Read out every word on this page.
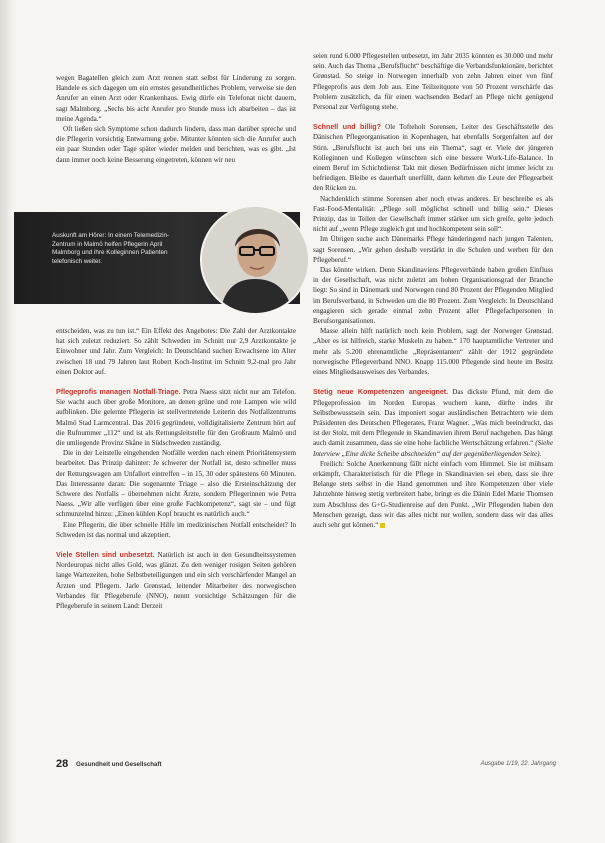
wegen Bagatellen gleich zum Arzt rennen statt selbst für Linderung zu sorgen. Handele es sich dagegen um ein ernstes gesundheitliches Problem, verweise sie den Anrufer an einen Arzt oder Krankenhaus. Ewig dürfe ein Telefonat nicht dauern, sagt Malmborg. „Sechs bis acht Anrufer pro Stunde muss ich abarbeiten – das ist meine Agenda.“

Oft ließen sich Symptome schon dadurch lindern, dass man darüber spreche und die Pflegerin vorsichtig Entwarnung gebe. Mitunter könnten sich die Anrufer auch ein paar Stunden oder Tage später wieder melden und berichten, was es gibt. „Ist dann immer noch keine Besserung eingetreten, können wir neu

Auskunft am Hörer: In einem Telemedizin-Zentrum in Malmö helfen Pflegerin April Malmborg und ihre Kolleginnen Patienten telefonisch weiter.

entscheiden, was zu tun ist.“ Ein Effekt des Angebotes: Die Zahl der Arztkontakte hat sich zuletzt reduziert. So zählt Schweden im Schnitt nur 2,9 Arztkontakte je Einwohner und Jahr. Zum Vergleich: In Deutschland suchen Erwachsene im Alter zwischen 18 und 79 Jahren laut Robert Koch-Institut im Schnitt 9,2-mal pro Jahr einen Doktor auf.

Pflegeprofis managen Notfall-Triage. Petra Naess sitzt nicht nur am Telefon. Sie wacht auch über große Monitore, an denen grüne und rote Lampen wie wild aufblinken. Die gelernte Pflegerin ist stellvertretende Leiterin des Notfallzentrums Malmö Stad Larmcentral. Das 2016 gegründete, volldigitalisierte Zentrum hört auf die Rufnummer „112“ und ist als Rettungsleitstelle für den Großraum Malmö und die umliegende Provinz Skåne in Südschweden zuständig.

Die in der Leitstelle eingehenden Notfälle werden nach einem Prioritätensystem bearbeitet. Das Prinzip dahinter: Je schwerer der Notfall ist, desto schneller muss der Rettungswagen am Unfallort eintreffen – in 15, 30 oder spätestens 60 Minuten. Das Interessante daran: Die sogenannte Triage – also die Ersteinschätzung der Schwere des Notfalls – übernehmen nicht Ärzte, sondern Pflegerinnen wie Petra Naess. „Wir alle verfügen über eine große Fachkompetenz“, sagt sie – und fügt schmunzelnd hinzu: „Einen kühlen Kopf braucht es natürlich auch.“

Eine Pflegerin, die über schnelle Hilfe im medizinischen Notfall entscheidet? In Schweden ist das normal und akzeptiert.

Viele Stellen sind unbesetzt. Natürlich ist auch in den Gesundheitssystemen Nordeuropas nicht alles Gold, was glänzt. Zu den weniger rosigen Seiten gehören lange Wartezeiten, hohe Selbstbeteiligungen und ein sich verschärfender Mangel an Ärzten und Pflegern. Jarle Grønstad, leitender Mitarbeiter des norwegischen Verbandes für Pflegeberufe (NNO), nennt vorsichtige Schätzungen für die Pflegeberufe in seinem Land: Derzeit

seien rund 6.000 Pflegestellen unbesetzt, im Jahr 2035 könnten es 30.000 und mehr sein. Auch das Thema „Berufsflucht“ beschäftige die Verbandsfunktionäre, berichtet Grønstad. So steige in Norwegen innerhalb von zehn Jahren einer von fünf Pflegeprofis aus dem Job aus. Eine Teilzeitquote von 50 Prozent verschärfe das Problem zusätzlich, da für einen wachsenden Bedarf an Pflege nicht genügend Personal zur Verfügung stehe.

Schnell und billig? Ole Tofteholt Sorensen, Leiter des Geschäftsstelle des Dänischen Pflegeorganisation in Kopenhagen, hat ebenfalls Sorgenfalten auf der Stirn. „Berufsflucht ist auch bei uns ein Thema“, sagt er. Viele der jüngeren Kolleginnen und Kollegen wünschten sich eine bessere Work-Life-Balance. In einem Beruf im Schichtdienst Takt mit diesen Bedürfnissen nicht immer leicht zu befriedigen. Bleibe es dauerhaft unerfüllt, dann kehrten die Leute der Pflegearbeit den Rücken zu.

Nachdenklich stimme Sorensen aber noch etwas anderes. Er beschreibe es als Fast-Food-Mentalität: „Pflege soll möglichst schnell und billig sein.“ Dieses Prinzip, das in Teilen der Gesellschaft immer stärker um sich greife, gelte jedoch nicht auf „wenn Pflege zugleich gut und hochkompetent sein soll“.

Im Übrigen suche auch Dänemarks Pflege händeringend nach jungen Talenten, sagt Sorensen. „Wir gehen deshalb verstärkt in die Schulen und werben für den Pflegeberuf.“

Das könnte wirken. Denn Skandinaviens Pflegeverbände haben großen Einfluss in der Gesellschaft, was nicht zuletzt am hohen Organisationsgrad der Branche liegt: So sind in Dänemark und Norwegen rund 80 Prozent der Pflegenden Mitglied im Berufsverband, in Schweden um die 80 Prozent. Zum Vergleich: In Deutschland engagieren sich gerade einmal zehn Prozent aller Pflegefachpersonen in Berufsorganisationen.

Masse allein hilft natürlich noch kein Problem, sagt der Norweger Grønstad. „Aber es ist hilfreich, starke Muskeln zu haben.“ 170 hauptamtliche Vertreter und mehr als 5.200 ehrenamtliche „Repräsentanten“ zählt der 1912 gegründete norwegische Pflegeverband NNO. Knapp 115.000 Pflegende sind heute im Besitz eines Mitgliedsausweises des Verbandes.

Stetig neue Kompetenzen angeeignet. Das dickste Pfund, mit dem die Pflegeprofession im Norden Europas wuchern kann, dürfte indes ihr Selbstbewusstsein sein. Das imponiert sogar ausländischen Betrachtern wie dem Präsidenten des Deutschen Pflegerates, Franz Wagner. „Was mich beeindruckt, das ist der Stolz, mit dem Pflegende in Skandinavien ihrem Beruf nachgehen. Das hängt auch damit zusammen, dass sie eine hohe fachliche Wertschätzung erfahren.“ (Siehe Interview „Eine dicke Scheibe abschneiden“ auf der gegenüberliegenden Seite).

Freilich: Solche Anerkennung fällt nicht einfach vom Himmel. Sie ist mühsam erkämpft, Charakteristisch für die Pflege in Skandinavien sei eben, dass sie ihre Belange stets selbst in die Hand genommen und ihre Kompetenzen über viele Jahrzehnte hinweg stetig verbreitert habe, bringt es die Dänin Edel Marie Thomsen zum Abschluss des G+G-Studienreise auf den Punkt. „Wir Pflegenden haben den Menschen gezeigt, dass wir das alles nicht nur wollen, sondern dass wir das alles auch sehr gut können.“

28 Gesundheit und Gesellschaft	Ausgabe 1/19, 22. Jahrgang
